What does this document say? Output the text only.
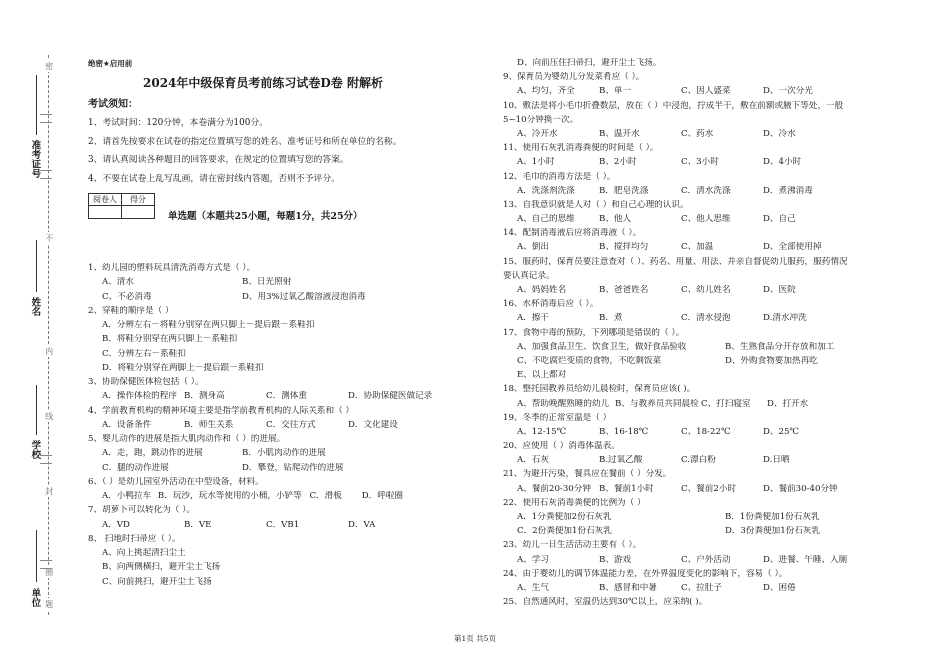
准考证号
姓名
学校
单位
密
不
内
线
封
圈
题
绝密★启用前
2024年中级保育员考前练习试卷D卷 附解析
考试须知：
1、考试时间：120分钟，本卷满分为100分。
2、请首先按要求在试卷的指定位置填写您的姓名、准考证号和所在单位的名称。
3、请认真阅读各种题目的回答要求，在规定的位置填写您的答案。
4、不要在试卷上乱写乱画，请在密封线内答题，否则不予评分。
阅卷人	得分

单选题（本题共25小题，每题1分，共25分）
1、幼儿园的塑料玩具清洗消毒方式是（ ）。
A、清水	B、日光照射
C、不必消毒	D、用3%过氧乙酸溶液浸泡消毒
2、穿鞋的顺序是（ ）
A．分辨左右－将鞋分别穿在两只脚上－提后跟－系鞋扣
B．将鞋分别穿在两只脚上－系鞋扣
C．分辨左右－系鞋扣
D．将鞋分别穿在两脚上－提后跟－系鞋扣
3、协助保健医体检包括（ ）。
A．操作体检的程序 B．测身高	C．测体重	D．协助保健医做记录
4、学前教育机构的精神环境主要是指学前教育机构的人际关系和（ ）
A．设备条件	B．师生关系	C．交往方式	D．文化建设
5、婴儿动作的进展是指大肌肉动作和（ ）的进展。
A．走，跑，跳动作的进展	B．小肌肉动作的进展
C．腿的动作进展	D．攀登，钻爬动作的进展
6、（ ）是幼儿园室外活动在中型设备，材料。
A．小鸭拉车 B．玩沙，玩水等使用的小桶，小铲等 C．滑板	D．呼啦圈
7、胡萝卜可以转化为（ ）。
A．VD	B．VE	C．VB1	D．VA
8、 扫地时扫帚应（ ）。
A、向上挑起清扫尘土
B、向两侧横扫，避开尘土飞扬
C、向前挑扫，避开尘土飞扬
D、向前压住扫帚扫，避开尘土飞扬。
9、保育员为婴幼儿分发菜肴应（ ）。
A、均匀，齐全	B、单一	C、因人盛菜	D、一次分光
10、敷法是将小毛巾折叠数层，放在（ ）中浸泡，拧成半干，敷在前额或腋下等处，一般
5~10分钟换一次。
A、冷开水	B、温开水	C、药水	D、冷水
11、使用石灰乳消毒粪便的时间是（ ）。
A、1小时	B、2小时	C、3小时	D、4小时
12、毛巾的消毒方法是（ ）。
A．洗涤剂洗涤	B．肥皂洗涤	C．清水洗涤	D．煮沸消毒
13、自我意识就是人对（ ）和自己心理的认识。
A、自己的思维	B、他人	C、他人思维	D、自己
14、配制消毒液后应将消毒液（ ）。
A、倒出	B、搅拌均匀	C、加温	D、全部使用掉
15、服药时，保育员要注意查对（ ）、药名、用量、用法、并亲自督促幼儿服药，服药情况
要认真记录。
A、妈妈姓名	B、爸爸姓名	C、幼儿姓名	D、医院
16、水杯消毒后应（ ）。
A．擦干	B．煮	C．清水侵泡	D.清水冲洗
17、食物中毒的预防，下列哪项是错误的（ ）。
A、加强食品卫生、饮食卫生，做好食品验收	B、生熟食品分开存放和加工
C、不吃腐烂变质的食物，不吃剩饭菜	D、外购食物要加热再吃
E、以上都对
18、整托园教养员给幼儿晨检时，保育员应该( )。
A、帮助晚醒熟睡的幼儿 B、与教养员共同晨检 C、打扫寝室	D、打开水
19、冬季的正常室温是（ ）
A、12-15℃	B、16-18℃	C、18-22℃	D、25℃
20、应使用（ ）消毒体温表。
A．石灰	B.过氧乙酸	C.漂白粉	D.日晒
21、为避开污染，餐具应在餐前（ ）分发。
A、餐前20-30分钟 B、餐前1小时	C、餐前2小时	D、餐前30-40分钟
22、使用石灰消毒粪便的比例为（ ）
A．1分粪便加2份石灰乳	B．1份粪便加1份石灰乳
C．2份粪便加1份石灰乳	D．3份粪便加1份石灰乳
23、幼儿一日生活活动主要有（ ）。
A、学习	B、游戏	C、户外活动	D、进餐、午睡、入厕
24、由于婴幼儿的调节体温能力差，在外界温度变化的影响下，容易（ ）。
A、生气	B、感冒和中暑	C、拉肚子	D、困倦
25、自然通风时，室温仍达到30℃以上，应采纳( )。
第1页 共5页
